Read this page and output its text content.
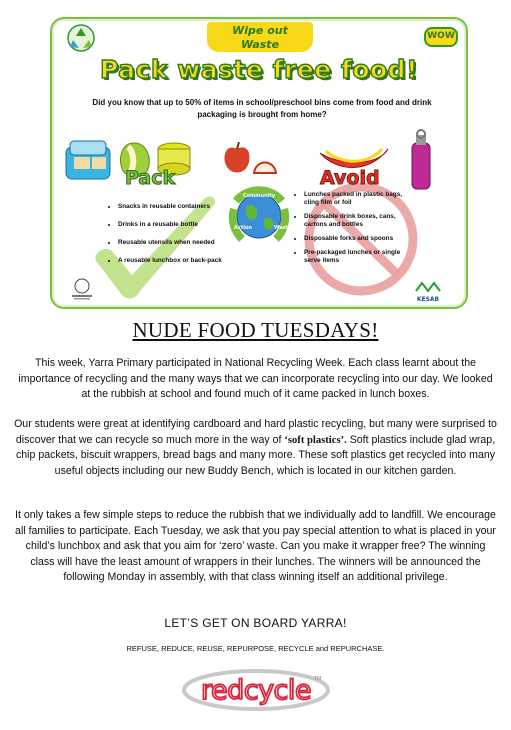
Wipe out
Waste
WOW
Pack waste free food!
Did you know that up to 50% of items in school/preschool bins come from food and drink packaging is brought from home?
Pack	Avoid
• Snacks in reusable containers
• Drinks in a reusable bottle
• Reusable utensils when needed
• A reusable lunchbox or back-pack
Community
Action	Waste
• Lunches packed in plastic bags, cling film or foil
• Disposable drink boxes, cans, cartons and bottles
• Disposable forks and spoons
• Pre-packaged lunches or single serve items
KESAB
NUDE FOOD TUESDAYS!

This week, Yarra Primary participated in National Recycling Week. Each class learnt about the importance of recycling and the many ways that we can incorporate recycling into our day. We looked at the rubbish at school and found much of it came packed in lunch boxes.

Our students were great at identifying cardboard and hard plastic recycling, but many were surprised to discover that we can recycle so much more in the way of ‘soft plastics’. Soft plastics include glad wrap, chip packets, biscuit wrappers, bread bags and many more. These soft plastics get recycled into many useful objects including our new Buddy Bench, which is located in our kitchen garden.

It only takes a few simple steps to reduce the rubbish that we individually add to landfill. We encourage all families to participate. Each Tuesday, we ask that you pay special attention to what is placed in your child’s lunchbox and ask that you aim for ‘zero’ waste. Can you make it wrapper free? The winning class will have the least amount of wrappers in their lunches. The winners will be announced the following Monday in assembly, with that class winning itself an additional privilege.

LET’S GET ON BOARD YARRA!
REFUSE, REDUCE, REUSE, REPURPOSE, RECYCLE and REPURCHASE.
redcycle TM
